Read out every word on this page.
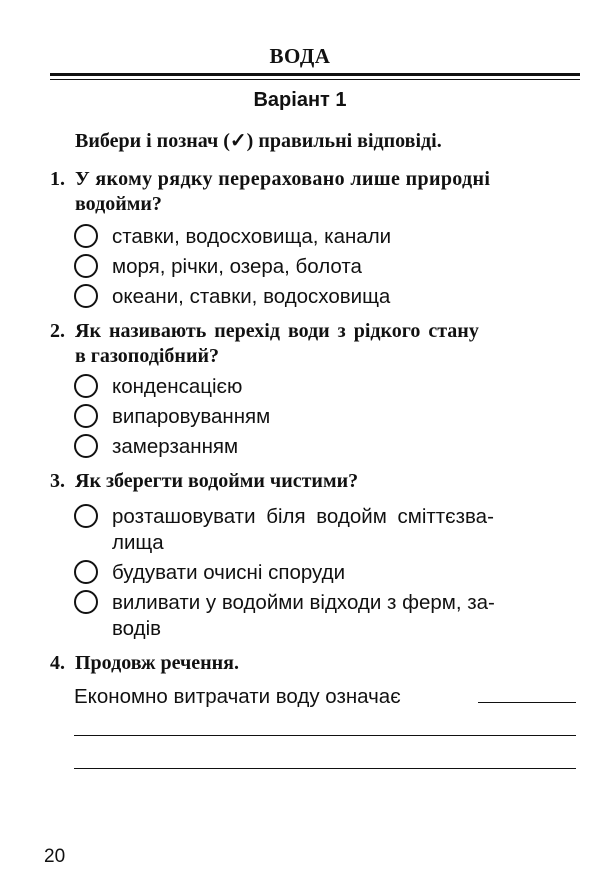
ВОДА
Варіант 1
Вибери і познач (✓) правильні відповіді.
1. У якому рядку перераховано лише природні
водойми?
ставки, водосховища, канали
моря, річки, озера, болота
океани, ставки, водосховища
2. Як називають перехід води з рідкого стану
в газоподібний?
конденсацією
випаровуванням
замерзанням
3. Як зберегти водойми чистими?
розташовувати біля водойм сміттєзва-
лища
будувати очисні споруди
виливати у водойми відходи з ферм, за-
водів
4. Продовж речення.
Економно витрачати воду означає
20
